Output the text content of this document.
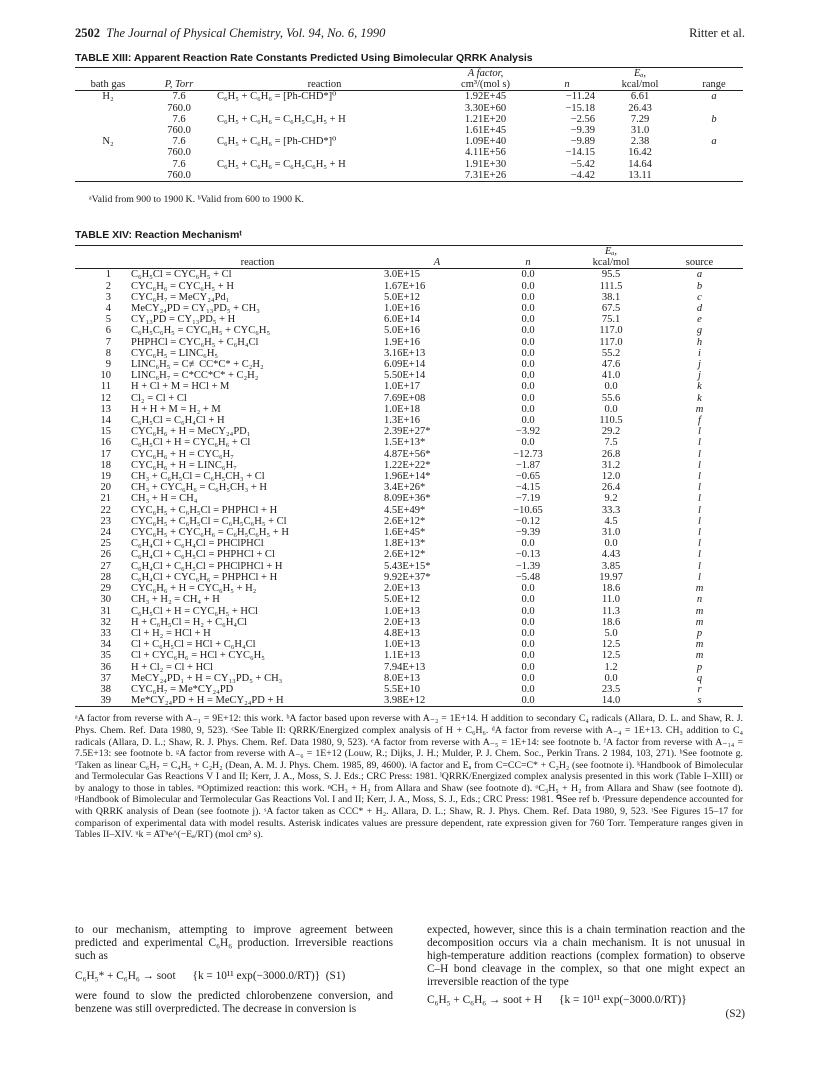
2502 The Journal of Physical Chemistry, Vol. 94, No. 6, 1990	Ritter et al.
TABLE XIII: Apparent Reaction Rate Constants Predicted Using Bimolecular QRRK Analysis
			A factor,		Eₐ,	
bath gas	P, Torr	reaction	cm³/(mol s)	n	kcal/mol	range
H₂	7.6	C₆H₅ + C₆H₆ = [Ph-CHD*]⁰	1.92E+45	−11.24	6.61	a
	760.0		3.30E+60	−15.18	26.43	
	7.6	C₆H₅ + C₆H₆ = C₆H₅C₆H₅ + H	1.21E+20	−2.56	7.29	b
	760.0		1.61E+45	−9.39	31.0	
N₂	7.6	C₆H₅ + C₆H₆ = [Ph-CHD*]⁰	1.09E+40	−9.89	2.38	a
	760.0		4.11E+56	−14.15	16.42	
	7.6	C₆H₅ + C₆H₆ = C₆H₅C₆H₅ + H	1.91E+30	−5.42	14.64	
	760.0		7.31E+26	−4.42	13.11	
ᵃValid from 900 to 1900 K. ᵇValid from 600 to 1900 K.
TABLE XIV: Reaction Mechanismᵗ
					Eₐ,	
		reaction	A	n	kcal/mol	source
1		C₆H₅Cl = CYC₆H₅ + Cl	3.0E+15	0.0	95.5	a
2		CYC₆H₆ = CYC₆H₅ + H	1.67E+16	0.0	111.5	b
3		CYC₆H₇ = MeCY₂₄Pd₁	5.0E+12	0.0	38.1	c
4		MeCY₂₄PD = CY₁₃PD₅ + CH₃	1.0E+16	0.0	67.5	d
5		CY₁₃PD = CY₁₃PD₅ + H	6.0E+14	0.0	75.1	e
6		C₆H₅C₆H₅ = CYC₆H₅ + CYC₆H₅	5.0E+16	0.0	117.0	g
7		PHPHCl = CYC₆H₅ + C₆H₄Cl	1.9E+16	0.0	117.0	h
8		CYC₆H₅ = LINC₆H₅	3.16E+13	0.0	55.2	i
9		LINC₆H₅ = C≢CC*C* + C₂H₂	6.09E+14	0.0	47.6	j
10		LINC₆H₇ = C*CC*C* + C₂H₂	5.50E+14	0.0	41.0	j
11		H + Cl + M = HCl + M	1.0E+17	0.0	0.0	k
12		Cl₂ = Cl + Cl	7.69E+08	0.0	55.6	k
13		H + H + M = H₂ + M	1.0E+18	0.0	0.0	m
14		C₆H₅Cl = C₆H₄Cl + H	1.3E+16	0.0	110.5	f
15		CYC₆H₆ + H = MeCY₂₄PD₁	2.39E+27*	−3.92	29.2	l
16		C₆H₅Cl + H = CYC₆H₆ + Cl	1.5E+13*	0.0	7.5	l
17		CYC₆H₆ + H = CYC₆H₇	4.87E+56*	−12.73	26.8	l
18		CYC₆H₆ + H = LINC₆H₇	1.22E+22*	−1.87	31.2	l
19		CH₃ + C₆H₅Cl = C₆H₅CH₃ + Cl	1.96E+14*	−0.65	12.0	l
20		CH₃ + CYC₆H₆ = C₆H₅CH₃ + H	3.4E+26*	−4.15	26.4	l
21		CH₃ + H = CH₄	8.09E+36*	−7.19	9.2	l
22		CYC₆H₅ + C₆H₅Cl = PHPHCl + H	4.5E+49*	−10.65	33.3	l
23		CYC₆H₅ + C₆H₅Cl = C₆H₅C₆H₅ + Cl	2.6E+12*	−0.12	4.5	l
24		CYC₆H₅ + CYC₆H₆ = C₆H₅C₆H₅ + H	1.6E+45*	−9.39	31.0	l
25		C₆H₄Cl + C₆H₄Cl = PHClPHCl	1.8E+13*	0.0	0.0	l
26		C₆H₄Cl + C₆H₅Cl = PHPHCl + Cl	2.6E+12*	−0.13	4.43	l
27		C₆H₄Cl + C₆H₅Cl = PHClPHCl + H	5.43E+15*	−1.39	3.85	l
28		C₆H₄Cl + CYC₆H₆ = PHPHCl + H	9.92E+37*	−5.48	19.97	l
29		CYC₆H₆ + H = CYC₆H₅ + H₂	2.0E+13	0.0	18.6	m
30		CH₃ + H₂ = CH₄ + H	5.0E+12	0.0	11.0	n
31		C₆H₅Cl + H = CYC₆H₅ + HCl	1.0E+13	0.0	11.3	m
32		H + C₆H₅Cl = H₂ + C₆H₄Cl	2.0E+13	0.0	18.6	m
33		Cl + H₂ = HCl + H	4.8E+13	0.0	5.0	p
34		Cl + C₆H₅Cl = HCl + C₆H₄Cl	1.0E+13	0.0	12.5	m
35		Cl + CYC₆H₆ = HCl + CYC₆H₅	1.1E+13	0.0	12.5	m
36		H + Cl₂ = Cl + HCl	7.94E+13	0.0	1.2	p
37		MeCY₂₄PD₁ + H = CY₁₃PD₅ + CH₃	8.0E+13	0.0	0.0	q
38		CYC₆H₇ = Me*CY₂₄PD	5.5E+10	0.0	23.5	r
39		Me*CY₂₄PD + H = MeCY₂₄PD + H	3.98E+12	0.0	14.0	s
ᵃA factor from reverse with A₋₁ = 9E+12: this work. ᵇA factor based upon reverse with A₋₂ = 1E+14. H addition to secondary C₄ radicals (Allara, D. L. and Shaw, R. J. Phys. Chem. Ref. Data 1980, 9, 523). ᶜSee Table II: QRRK/Energized complex analysis of H + C₆H₆. ᵈA factor from reverse with A₋₄ = 1E+13. CH₃ addition to C₄ radicals (Allara, D. L.; Shaw, R. J. Phys. Chem. Ref. Data 1980, 9, 523). ᵉA factor from reverse with A₋₅ = 1E+14: see footnote b. ᶠA factor from reverse with A₋₁₄ = 7.5E+13: see footnote b. ᵍA factor from reverse with A₋₆ = 1E+12 (Louw, R.; Dijks, J. H.; Mulder, P. J. Chem. Soc., Perkin Trans. 2 1984, 103, 271). ʰSee footnote g. ⁱTaken as linear C₆H₇ = C₄H₅ + C₂H₂ (Dean, A. M. J. Phys. Chem. 1985, 89, 4600). ʲA factor and Eₐ from C=CC=C* + C₂H₂ (see footnote i). ᵏHandbook of Bimolecular and Termolecular Gas Reactions V I and II; Kerr, J. A., Moss, S. J. Eds.; CRC Press: 1981. ˡQRRK/Energized complex analysis presented in this work (Table I–XIII) or by analogy to those in tables. ᵐOptimized reaction: this work. ⁿCH₃ + H₂ from Allara and Shaw (see footnote d). ᵒC₃H₅ + H₂ from Allara and Shaw (see footnote d). ᵖHandbook of Bimolecular and Termolecular Gas Reactions Vol. I and II; Kerr, J. A., Moss, S. J., Eds.; CRC Press: 1981. ᑫSee ref b. ʳPressure dependence accounted for with QRRK analysis of Dean (see footnote j). ˢA factor taken as CCC* + H₂. Allara, D. L.; Shaw, R. J. Phys. Chem. Ref. Data 1980, 9, 523. ᵗSee Figures 15–17 for comparison of experimental data with model results. Asterisk indicates values are pressure dependent, rate expression given for 760 Torr. Temperature ranges given in Tables II–XIV. ᵘk = ATⁿe^(−Eₐ/RT) (mol cm³ s).
to our mechanism, attempting to improve agreement between predicted and experimental C₆H₆ production. Irreversible reactions such as
C₆H₅* + C₆H₆ → soot      {k = 10¹¹ exp(−3000.0/RT)}  (S1)
were found to slow the predicted chlorobenzene conversion, and benzene was still overpredicted. The decrease in conversion is
expected, however, since this is a chain termination reaction and the decomposition occurs via a chain mechanism. It is not unusual in high-temperature addition reactions (complex formation) to observe C–H bond cleavage in the complex, so that one might expect an irreversible reaction of the type
C₆H₅ + C₆H₆ → soot + H      {k = 10¹¹ exp(−3000.0/RT)}
(S2)
